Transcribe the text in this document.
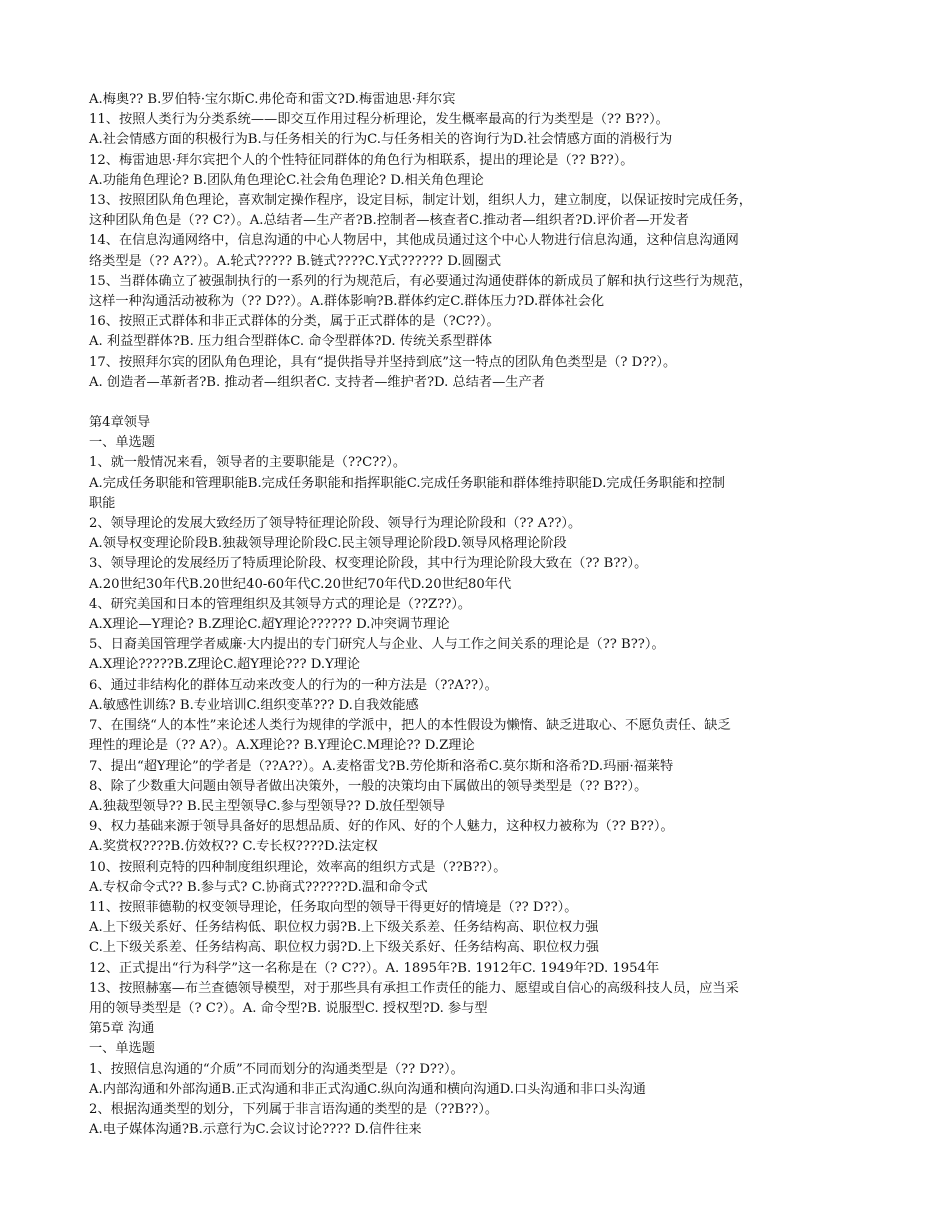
A.梅奥?? B.罗伯特·宝尔斯C.弗伦奇和雷文?D.梅雷迪思·拜尔宾
11、按照人类行为分类系统——即交互作用过程分析理论，发生概率最高的行为类型是（?? B??）。
A.社会情感方面的积极行为B.与任务相关的行为C.与任务相关的咨询行为D.社会情感方面的消极行为
12、梅雷迪思·拜尔宾把个人的个性特征同群体的角色行为相联系，提出的理论是（?? B??）。
A.功能角色理论? B.团队角色理论C.社会角色理论? D.相关角色理论
13、按照团队角色理论，喜欢制定操作程序，设定目标，制定计划，组织人力，建立制度，以保证按时完成任务，
这种团队角色是（?? C?）。A.总结者—生产者?B.控制者—核查者C.推动者—组织者?D.评价者—开发者
14、在信息沟通网络中，信息沟通的中心人物居中，其他成员通过这个中心人物进行信息沟通，这种信息沟通网
络类型是（?? A??）。A.轮式????? B.链式????C.Y式?????? D.圆圈式
15、当群体确立了被强制执行的一系列的行为规范后，有必要通过沟通使群体的新成员了解和执行这些行为规范，
这样一种沟通活动被称为（?? D??）。A.群体影响?B.群体约定C.群体压力?D.群体社会化
16、按照正式群体和非正式群体的分类，属于正式群体的是（?C??）。
A. 利益型群体?B. 压力组合型群体C. 命令型群体?D. 传统关系型群体
17、按照拜尔宾的团队角色理论，具有“提供指导并坚持到底”这一特点的团队角色类型是（? D??）。
A. 创造者—革新者?B. 推动者—组织者C. 支持者—维护者?D. 总结者—生产者
第4章领导
一、单选题
1、就一般情况来看，领导者的主要职能是（??C??）。
A.完成任务职能和管理职能B.完成任务职能和指挥职能C.完成任务职能和群体维持职能D.完成任务职能和控制
职能
2、领导理论的发展大致经历了领导特征理论阶段、领导行为理论阶段和（?? A??）。
A.领导权变理论阶段B.独裁领导理论阶段C.民主领导理论阶段D.领导风格理论阶段
3、领导理论的发展经历了特质理论阶段、权变理论阶段，其中行为理论阶段大致在（?? B??）。
A.20世纪30年代B.20世纪40-60年代C.20世纪70年代D.20世纪80年代
4、研究美国和日本的管理组织及其领导方式的理论是（??Z??）。
A.X理论—Y理论? B.Z理论C.超Y理论?????? D.冲突调节理论
5、日裔美国管理学者威廉·大内提出的专门研究人与企业、人与工作之间关系的理论是（?? B??）。
A.X理论?????B.Z理论C.超Y理论??? D.Y理论
6、通过非结构化的群体互动来改变人的行为的一种方法是（??A??）。
A.敏感性训练? B.专业培训C.组织变革??? D.自我效能感
7、在围绕“人的本性”来论述人类行为规律的学派中，把人的本性假设为懒惰、缺乏进取心、不愿负责任、缺乏
理性的理论是（?? A?）。A.X理论?? B.Y理论C.M理论?? D.Z理论
7、提出“超Y理论”的学者是（??A??）。A.麦格雷戈?B.劳伦斯和洛希C.莫尔斯和洛希?D.玛丽·福莱特
8、除了少数重大问题由领导者做出决策外，一般的决策均由下属做出的领导类型是（?? B??）。
A.独裁型领导?? B.民主型领导C.参与型领导?? D.放任型领导
9、权力基础来源于领导具备好的思想品质、好的作风、好的个人魅力，这种权力被称为（?? B??）。
A.奖赏权????B.仿效权?? C.专长权????D.法定权
10、按照利克特的四种制度组织理论，效率高的组织方式是（??B??）。
A.专权命令式?? B.参与式? C.协商式??????D.温和命令式
11、按照菲德勒的权变领导理论，任务取向型的领导干得更好的情境是（?? D??）。
A.上下级关系好、任务结构低、职位权力弱?B.上下级关系差、任务结构高、职位权力强
C.上下级关系差、任务结构高、职位权力弱?D.上下级关系好、任务结构高、职位权力强
12、正式提出“行为科学”这一名称是在（? C??）。A. 1895年?B. 1912年C. 1949年?D. 1954年
13、按照赫塞—布兰查德领导模型，对于那些具有承担工作责任的能力、愿望或自信心的高级科技人员，应当采
用的领导类型是（? C?）。A. 命令型?B. 说服型C. 授权型?D. 参与型
第5章 沟通
一、单选题
1、按照信息沟通的“介质”不同而划分的沟通类型是（?? D??）。
A.内部沟通和外部沟通B.正式沟通和非正式沟通C.纵向沟通和横向沟通D.口头沟通和非口头沟通
2、根据沟通类型的划分，下列属于非言语沟通的类型的是（??B??）。
A.电子媒体沟通?B.示意行为C.会议讨论???? D.信件往来
